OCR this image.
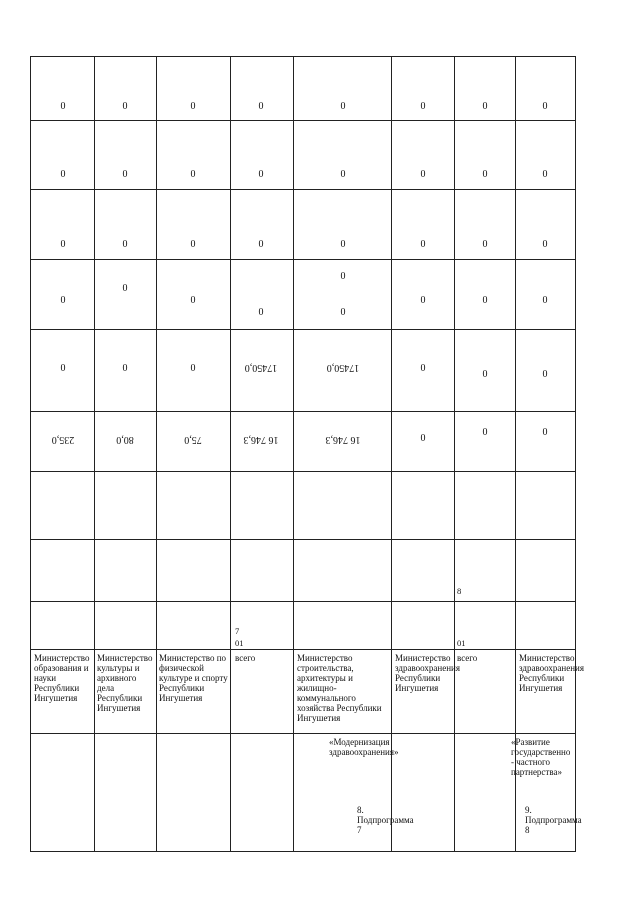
0
0
0
0
0
235,0
Министерство образования и науки Республики Ингушетия
0
0
0
0
0
80,0
Министерство культуры и архивного дела Республики Ингушетия
0
0
0
0
0
75,0
Министерство по физической культуре и спорту Республики Ингушетия
0
0
0
0
17450,0
16 746,3
7
01
всего
0
0
0
0
0
17450,0
16 746,3
Министерство строительства, архитектуры и жилищно-коммунального хозяйства Республики Ингушетия
0
0
0
0
0
0
Министерство здравоохранения Республики Ингушетия
0
0
0
0
0
0
8
01
всего
0
0
0
0
0
0
Министерство здравоохранения Республики Ингушетия
«Модернизация здравоохранения»
«Развитие государственно - частного партнерства»
8. Подпрограмма 7
9. Подпрограмма 8
